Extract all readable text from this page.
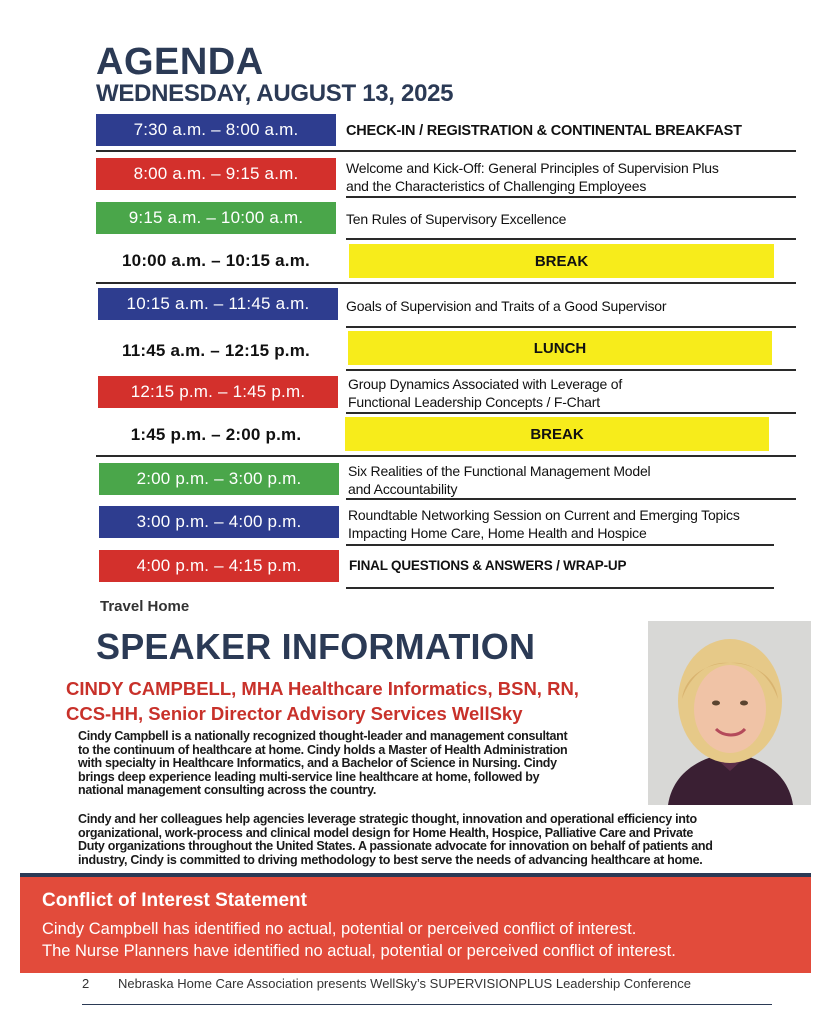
AGENDA
WEDNESDAY, AUGUST 13, 2025
7:30 a.m. – 8:00 a.m.	CHECK-IN / REGISTRATION & CONTINENTAL BREAKFAST
8:00 a.m. – 9:15 a.m.	Welcome and Kick-Off: General Principles of Supervision Plus
and the Characteristics of Challenging Employees
9:15 a.m. – 10:00 a.m.	Ten Rules of Supervisory Excellence
10:00 a.m. – 10:15 a.m.	BREAK
10:15 a.m. – 11:45 a.m.	Goals of Supervision and Traits of a Good Supervisor
11:45 a.m. – 12:15 p.m.	LUNCH
12:15 p.m. – 1:45 p.m.	Group Dynamics Associated with Leverage of
Functional Leadership Concepts / F-Chart
1:45 p.m. – 2:00 p.m.	BREAK
2:00 p.m. – 3:00 p.m.	Six Realities of the Functional Management Model
and Accountability
3:00 p.m. – 4:00 p.m.	Roundtable Networking Session on Current and Emerging Topics
Impacting Home Care, Home Health and Hospice
4:00 p.m. – 4:15 p.m.	FINAL QUESTIONS & ANSWERS / WRAP-UP

Travel Home

SPEAKER INFORMATION
CINDY CAMPBELL, MHA Healthcare Informatics, BSN, RN,
CCS-HH, Senior Director Advisory Services WellSky
Cindy Campbell is a nationally recognized thought-leader and management consultant
to the continuum of healthcare at home. Cindy holds a Master of Health Administration
with specialty in Healthcare Informatics, and a Bachelor of Science in Nursing. Cindy
brings deep experience leading multi-service line healthcare at home, followed by
national management consulting across the country.
Cindy and her colleagues help agencies leverage strategic thought, innovation and operational efficiency into
organizational, work-process and clinical model design for Home Health, Hospice, Palliative Care and Private
Duty organizations throughout the United States. A passionate advocate for innovation on behalf of patients and
industry, Cindy is committed to driving methodology to best serve the needs of advancing healthcare at home.

Conflict of Interest Statement

Cindy Campbell has identified no actual, potential or perceived conflict of interest.

The Nurse Planners have identified no actual, potential or perceived conflict of interest.

2 Nebraska Home Care Association presents WellSky’s SUPERVISIONPLUS Leadership Conference
